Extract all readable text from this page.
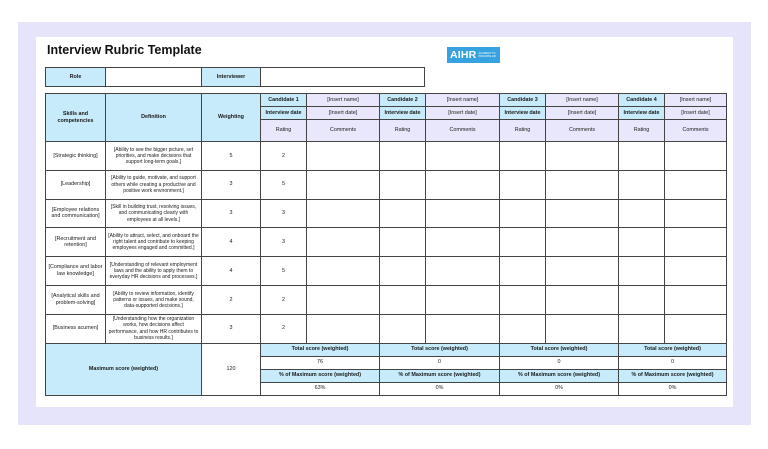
Interview Rubric Template	AIHR ACADEMY TO INNOVATE HR
Role		Interviewer	
Skills and competencies	Definition	Weighting	Candidate 1	[Insert name]	Candidate 2	[Insert name]	Candidate 3	[Insert name]	Candidate 4	[Insert name]
			Interview date	[Insert date]	Interview date	[Insert date]	Interview date	[Insert date]	Interview date	[Insert date]
			Rating	Comments	Rating	Comments	Rating	Comments	Rating	Comments
[Strategic thinking]	[Ability to see the bigger picture, set priorities, and make decisions that support long-term goals.]	5	2							
[Leadership]	[Ability to guide, motivate, and support others while creating a productive and positive work environment.]	3	5							
[Employee relations and communication]	[Skill in building trust, resolving issues, and communicating clearly with employees at all levels.]	3	3							
[Recruitment and retention]	[Ability to attract, select, and onboard the right talent and contribute to keeping employees engaged and committed.]	4	3							
[Compliance and labor law knowledge]	[Understanding of relevant employment laws and the ability to apply them to everyday HR decisions and processes.]	4	5							
[Analytical skills and problem-solving]	[Ability to review information, identify patterns or issues, and make sound, data-supported decisions.]	2	2							
[Business acumen]	[Understanding how the organization works, how decisions affect performance, and how HR contributes to business results.]	3	2							
Maximum score (weighted)		120	Total score (weighted)		Total score (weighted)		Total score (weighted)		Total score (weighted)	
			76		0		0		0	
			% of Maximum score (weighted)		% of Maximum score (weighted)		% of Maximum score (weighted)		% of Maximum score (weighted)	
			63%		0%		0%		0%	
